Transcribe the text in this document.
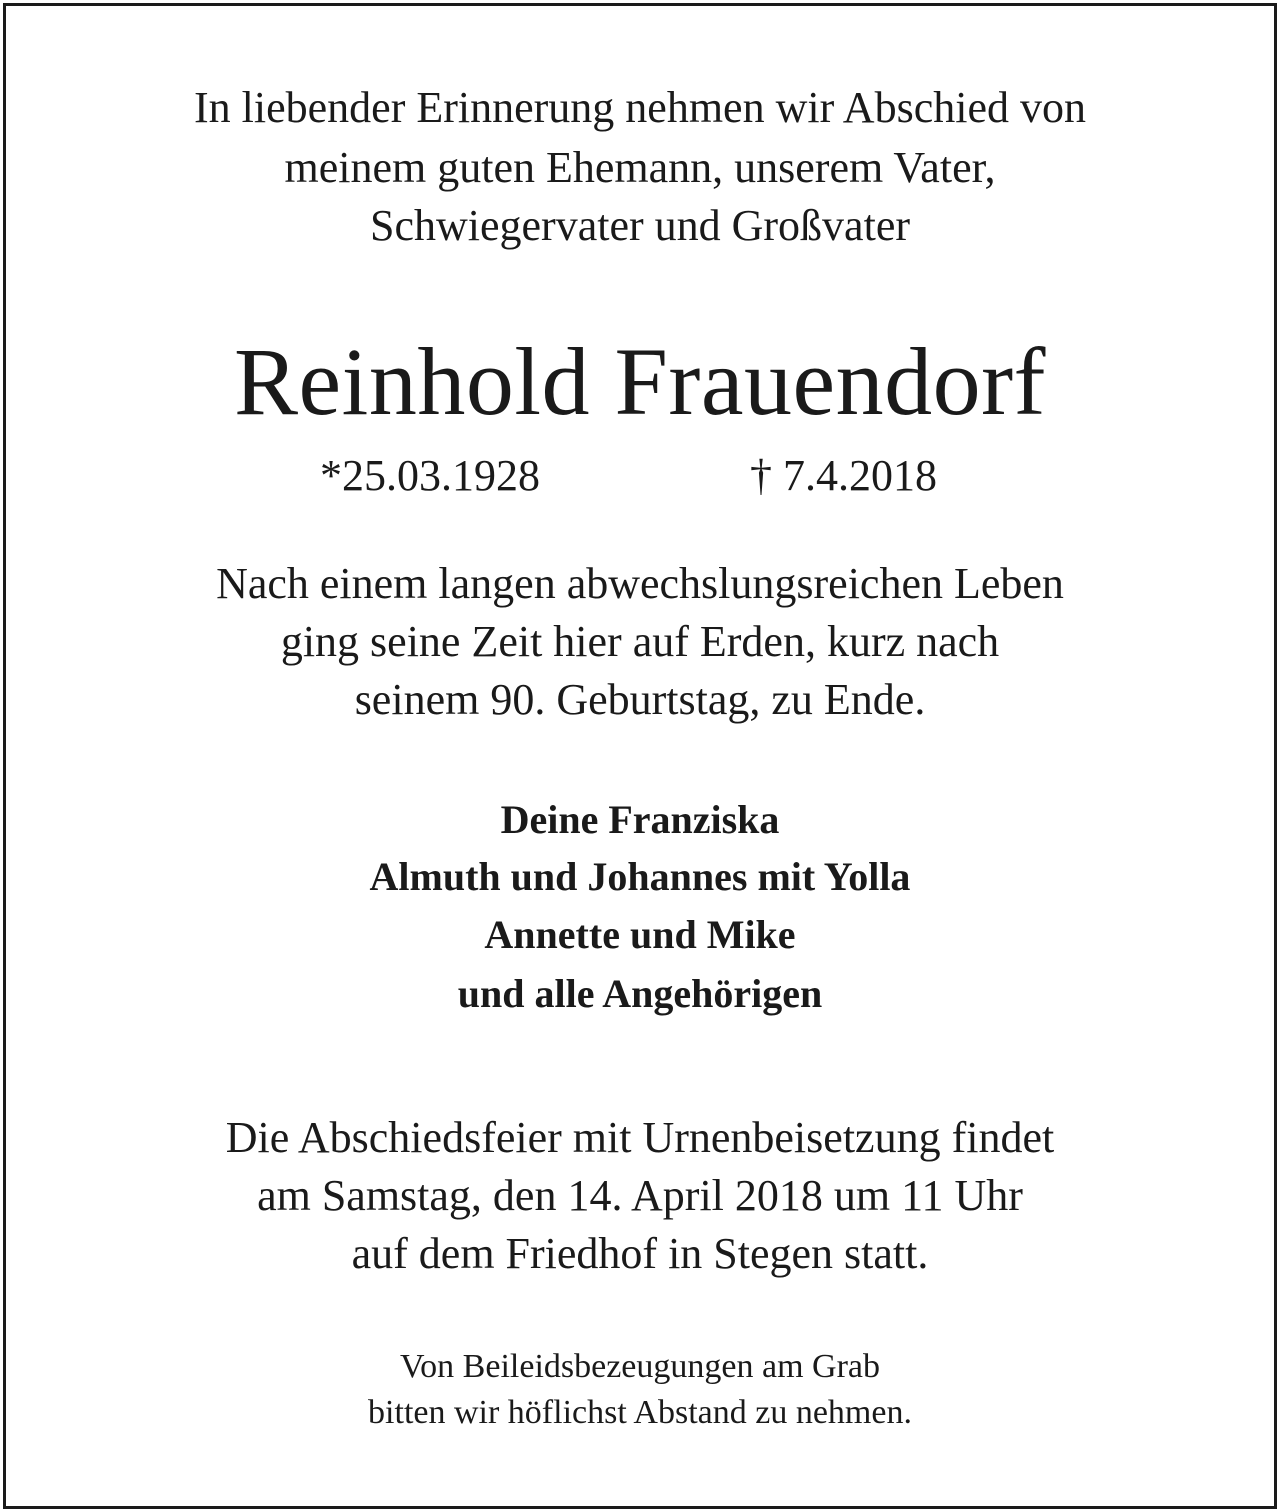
In liebender Erinnerung nehmen wir Abschied von
meinem guten Ehemann, unserem Vater,
Schwiegervater und Großvater
Reinhold Frauendorf
*25.03.1928	† 7.4.2018
Nach einem langen abwechslungsreichen Leben
ging seine Zeit hier auf Erden, kurz nach
seinem 90. Geburtstag, zu Ende.
Deine Franziska
Almuth und Johannes mit Yolla
Annette und Mike
und alle Angehörigen
Die Abschiedsfeier mit Urnenbeisetzung findet
am Samstag, den 14. April 2018 um 11 Uhr
auf dem Friedhof in Stegen statt.
Von Beileidsbezeugungen am Grab
bitten wir höflichst Abstand zu nehmen.
